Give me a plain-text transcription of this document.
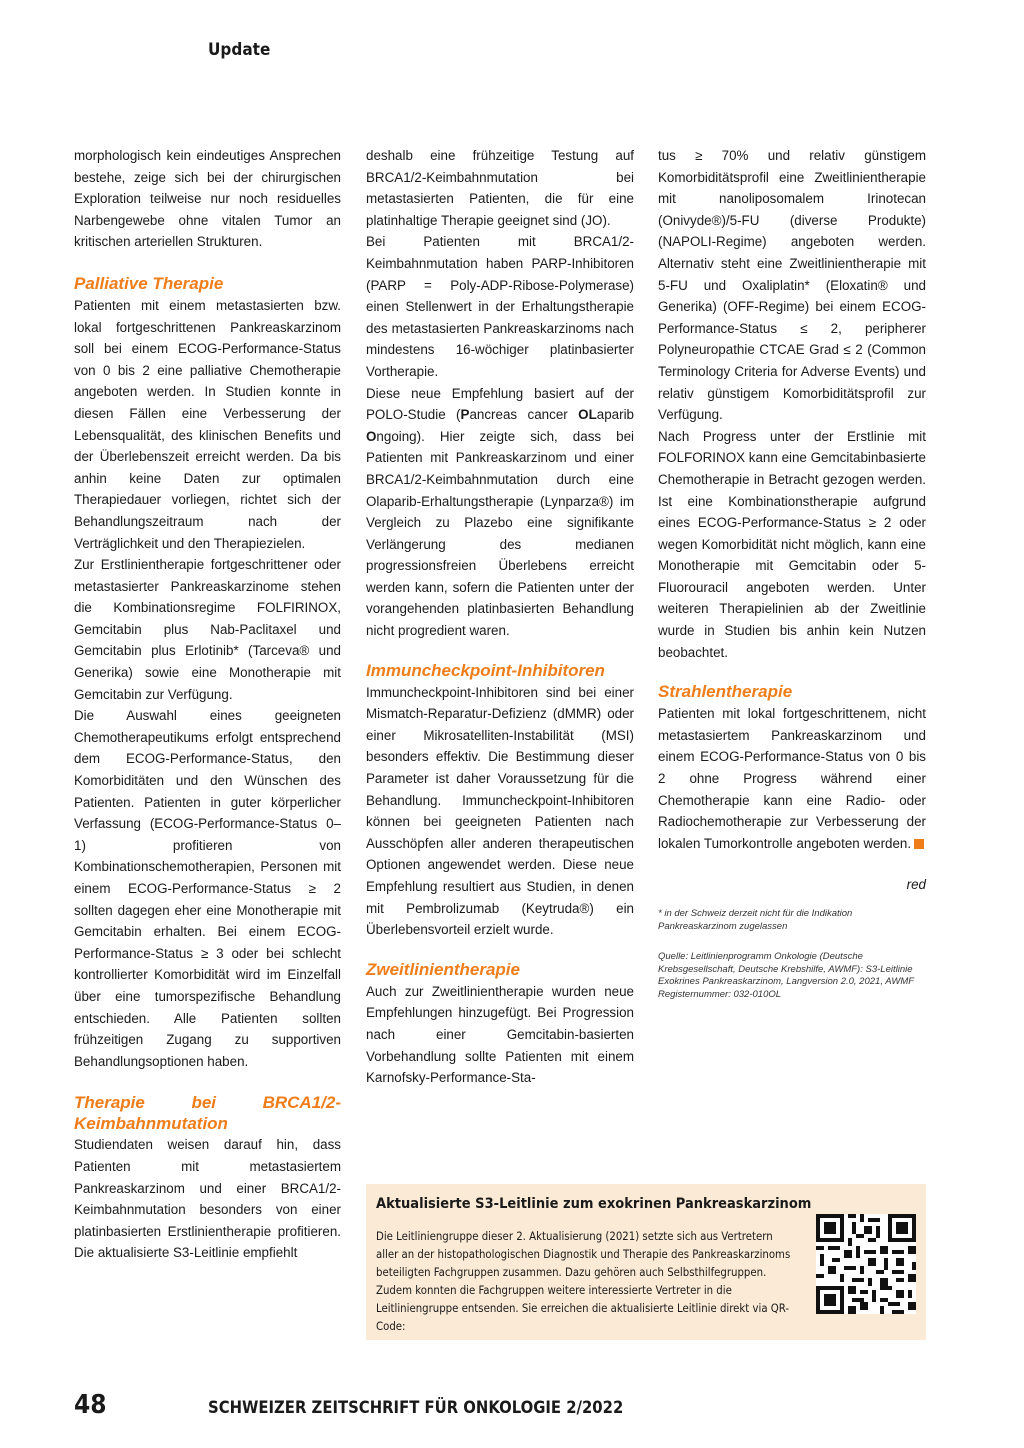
Update

morphologisch kein eindeutiges Ansprechen bestehe, zeige sich bei der chirurgischen Exploration teilweise nur noch residuelles Narbengewebe ohne vitalen Tumor an kritischen arteriellen Strukturen.

Palliative Therapie

Patienten mit einem metastasierten bzw. lokal fortgeschrittenen Pankreaskarzinom soll bei einem ECOG-Performance-Status von 0 bis 2 eine palliative Chemotherapie angeboten werden. In Studien konnte in diesen Fällen eine Verbesserung der Lebensqualität, des klinischen Benefits und der Überlebenszeit erreicht werden. Da bis anhin keine Daten zur optimalen Therapiedauer vorliegen, richtet sich der Behandlungszeitraum nach der Verträglichkeit und den Therapiezielen.

Zur Erstlinientherapie fortgeschrittener oder metastasierter Pankreaskarzinome stehen die Kombinationsregime FOLFIRINOX, Gemcitabin plus Nab-Paclitaxel und Gemcitabin plus Erlotinib* (Tarceva® und Generika) sowie eine Monotherapie mit Gemcitabin zur Verfügung.

Die Auswahl eines geeigneten Chemotherapeutikums erfolgt entsprechend dem ECOG-Performance-Status, den Komorbiditäten und den Wünschen des Patienten. Patienten in guter körperlicher Verfassung (ECOG-Performance-Status 0–1) profitieren von Kombinationschemotherapien, Personen mit einem ECOG-Performance-Status ≥ 2 sollten dagegen eher eine Monotherapie mit Gemcitabin erhalten. Bei einem ECOG-Performance-Status ≥ 3 oder bei schlecht kontrollierter Komorbidität wird im Einzelfall über eine tumorspezifische Behandlung entschieden. Alle Patienten sollten frühzeitigen Zugang zu supportiven Behandlungsoptionen haben.

Therapie bei BRCA1/2-Keimbahnmutation

Studiendaten weisen darauf hin, dass Patienten mit metastasiertem Pankreaskarzinom und einer BRCA1/2-Keimbahnmutation besonders von einer platinbasierten Erstlinientherapie profitieren. Die aktualisierte S3-Leitlinie empfiehlt

deshalb eine frühzeitige Testung auf BRCA1/2-Keimbahnmutation bei metastasierten Patienten, die für eine platinhaltige Therapie geeignet sind (JO).

Bei Patienten mit BRCA1/2-Keimbahnmutation haben PARP-Inhibitoren (PARP = Poly-ADP-Ribose-Polymerase) einen Stellenwert in der Erhaltungstherapie des metastasierten Pankreaskarzinoms nach mindestens 16-wöchiger platinbasierter Vortherapie.

Diese neue Empfehlung basiert auf der POLO-Studie (Pancreas cancer OLaparib Ongoing). Hier zeigte sich, dass bei Patienten mit Pankreaskarzinom und einer BRCA1/2-Keimbahnmutation durch eine Olaparib-Erhaltungstherapie (Lynparza®) im Vergleich zu Plazebo eine signifikante Verlängerung des medianen progressionsfreien Überlebens erreicht werden kann, sofern die Patienten unter der vorangehenden platinbasierten Behandlung nicht progredient waren.

Immuncheckpoint-Inhibitoren

Immuncheckpoint-Inhibitoren sind bei einer Mismatch-Reparatur-Defizienz (dMMR) oder einer Mikrosatelliten-Instabilität (MSI) besonders effektiv. Die Bestimmung dieser Parameter ist daher Voraussetzung für die Behandlung. Immuncheckpoint-Inhibitoren können bei geeigneten Patienten nach Ausschöpfen aller anderen therapeutischen Optionen angewendet werden. Diese neue Empfehlung resultiert aus Studien, in denen mit Pembrolizumab (Keytruda®) ein Überlebensvorteil erzielt wurde.

Zweitlinientherapie

Auch zur Zweitlinientherapie wurden neue Empfehlungen hinzugefügt. Bei Progression nach einer Gemcitabin-basierten Vorbehandlung sollte Patienten mit einem Karnofsky-Performance-Sta-

tus ≥ 70% und relativ günstigem Komorbiditätsprofil eine Zweitlinientherapie mit nanoliposomalem Irinotecan (Onivyde®)/5-FU (diverse Produkte) (NAPOLI-Regime) angeboten werden. Alternativ steht eine Zweitlinientherapie mit 5-FU und Oxaliplatin* (Eloxatin® und Generika) (OFF-Regime) bei einem ECOG-Performance-Status ≤ 2, peripherer Polyneuropathie CTCAE Grad ≤ 2 (Common Terminology Criteria for Adverse Events) und relativ günstigem Komorbiditätsprofil zur Verfügung.

Nach Progress unter der Erstlinie mit FOLFORINOX kann eine Gemcitabinbasierte Chemotherapie in Betracht gezogen werden. Ist eine Kombinationstherapie aufgrund eines ECOG-Performance-Status ≥ 2 oder wegen Komorbidität nicht möglich, kann eine Monotherapie mit Gemcitabin oder 5-Fluorouracil angeboten werden. Unter weiteren Therapielinien ab der Zweitlinie wurde in Studien bis anhin kein Nutzen beobachtet.

Strahlentherapie

Patienten mit lokal fortgeschrittenem, nicht metastasiertem Pankreaskarzinom und einem ECOG-Performance-Status von 0 bis 2 ohne Progress während einer Chemotherapie kann eine Radio- oder Radiochemotherapie zur Verbesserung der lokalen Tumorkontrolle angeboten werden.

red
* in der Schweiz derzeit nicht für die Indikation Pankreaskarzinom zugelassen
Quelle: Leitlinienprogramm Onkologie (Deutsche Krebsgesellschaft, Deutsche Krebshilfe, AWMF): S3-Leitlinie Exokrines Pankreaskarzinom, Langversion 2.0, 2021, AWMF Registernummer: 032-010OL
Aktualisierte S3-Leitlinie zum exokrinen Pankreaskarzinom
Die Leitliniengruppe dieser 2. Aktualisierung (2021) setzte sich aus Vertretern aller an der histopathologischen Diagnostik und Therapie des Pankreaskarzinoms beteiligten Fachgruppen zusammen. Dazu gehören auch Selbsthilfegruppen. Zudem konnten die Fachgruppen weitere interessierte Vertreter in die Leitliniengruppe entsenden. Sie erreichen die aktualisierte Leitlinie direkt via QR-Code:
48	SCHWEIZER ZEITSCHRIFT FÜR ONKOLOGIE 2/2022
